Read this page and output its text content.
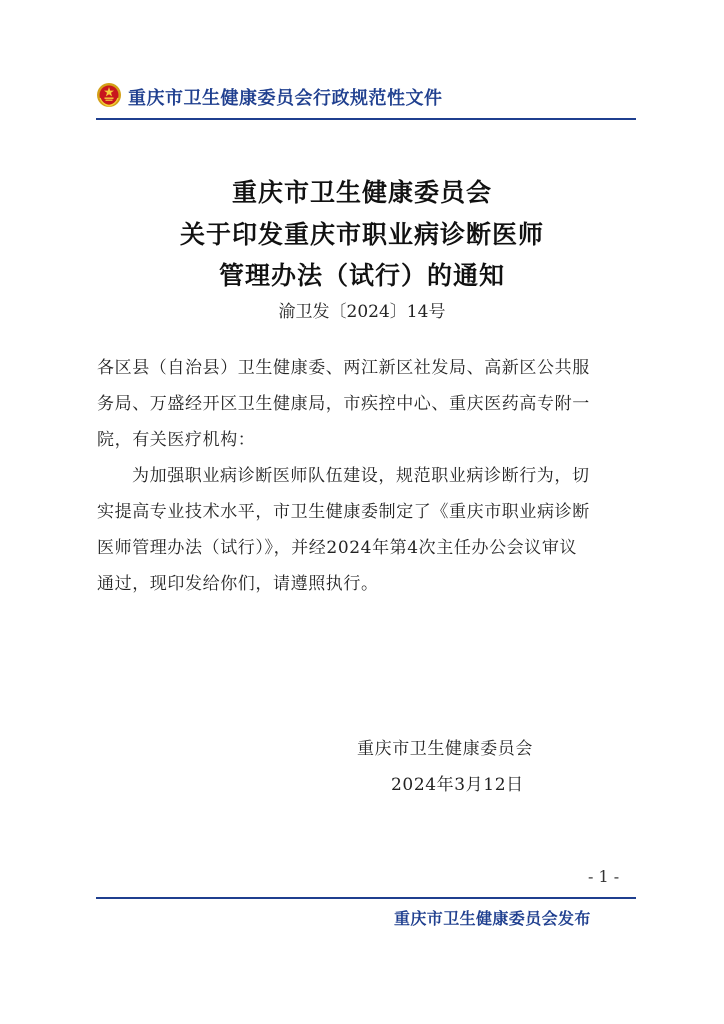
重庆市卫生健康委员会行政规范性文件
重庆市卫生健康委员会
关于印发重庆市职业病诊断医师
管理办法（试行）的通知
渝卫发〔2024〕14号
各区县（自治县）卫生健康委、两江新区社发局、高新区公共服
务局、万盛经开区卫生健康局，市疾控中心、重庆医药高专附一
院，有关医疗机构：
为加强职业病诊断医师队伍建设，规范职业病诊断行为，切
实提高专业技术水平，市卫生健康委制定了《重庆市职业病诊断
医师管理办法（试行）》，并经2024年第4次主任办公会议审议
通过，现印发给你们，请遵照执行。
重庆市卫生健康委员会
2024年3月12日
- 1 -
重庆市卫生健康委员会发布
